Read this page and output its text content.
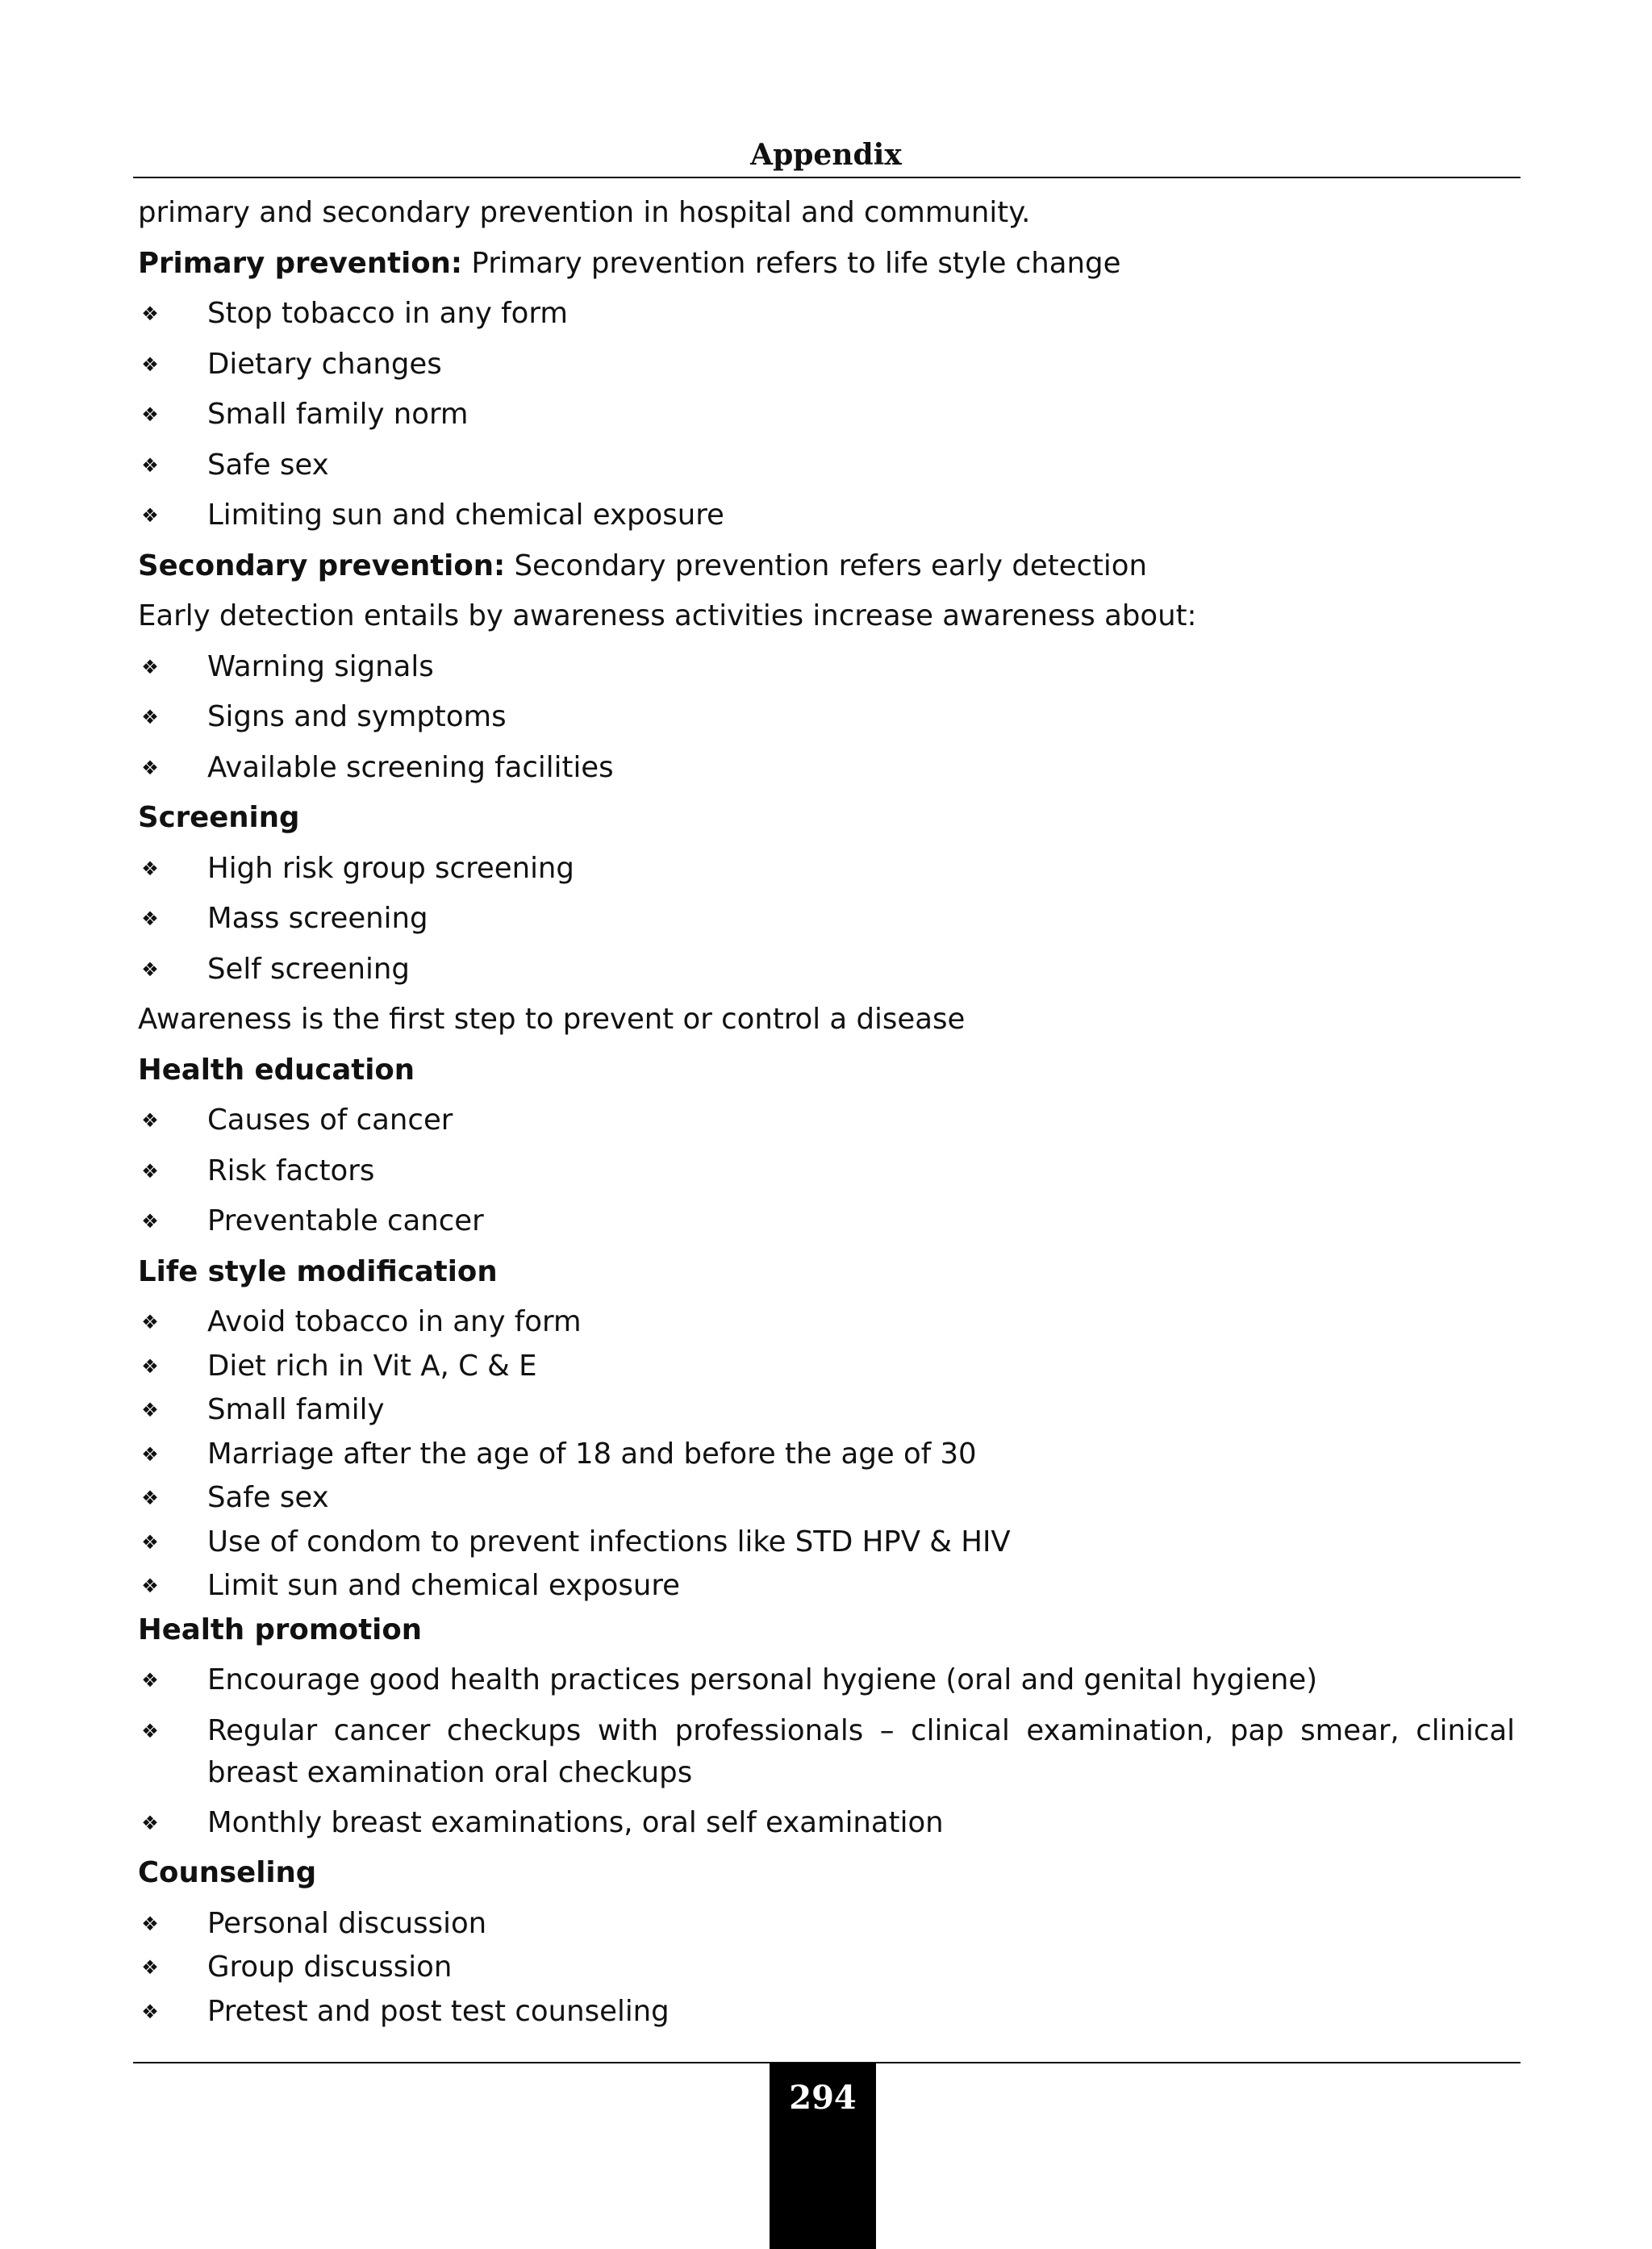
Appendix
primary and secondary prevention in hospital and community.
Primary prevention: Primary prevention refers to life style change
❖ Stop tobacco in any form
❖ Dietary changes
❖ Small family norm
❖ Safe sex
❖ Limiting sun and chemical exposure
Secondary prevention: Secondary prevention refers early detection
Early detection entails by awareness activities increase awareness about:
❖ Warning signals
❖ Signs and symptoms
❖ Available screening facilities
Screening
❖ High risk group screening
❖ Mass screening
❖ Self screening
Awareness is the first step to prevent or control a disease
Health education
❖ Causes of cancer
❖ Risk factors
❖ Preventable cancer
Life style modification
❖ Avoid tobacco in any form
❖ Diet rich in Vit A, C & E
❖ Small family
❖ Marriage after the age of 18 and before the age of 30
❖ Safe sex
❖ Use of condom to prevent infections like STD HPV & HIV
❖ Limit sun and chemical exposure
Health promotion
❖ Encourage good health practices personal hygiene (oral and genital hygiene)
❖ Regular cancer checkups with professionals – clinical examination, pap smear, clinical breast examination oral checkups
❖ Monthly breast examinations, oral self examination
Counseling
❖ Personal discussion
❖ Group discussion
❖ Pretest and post test counseling
294
